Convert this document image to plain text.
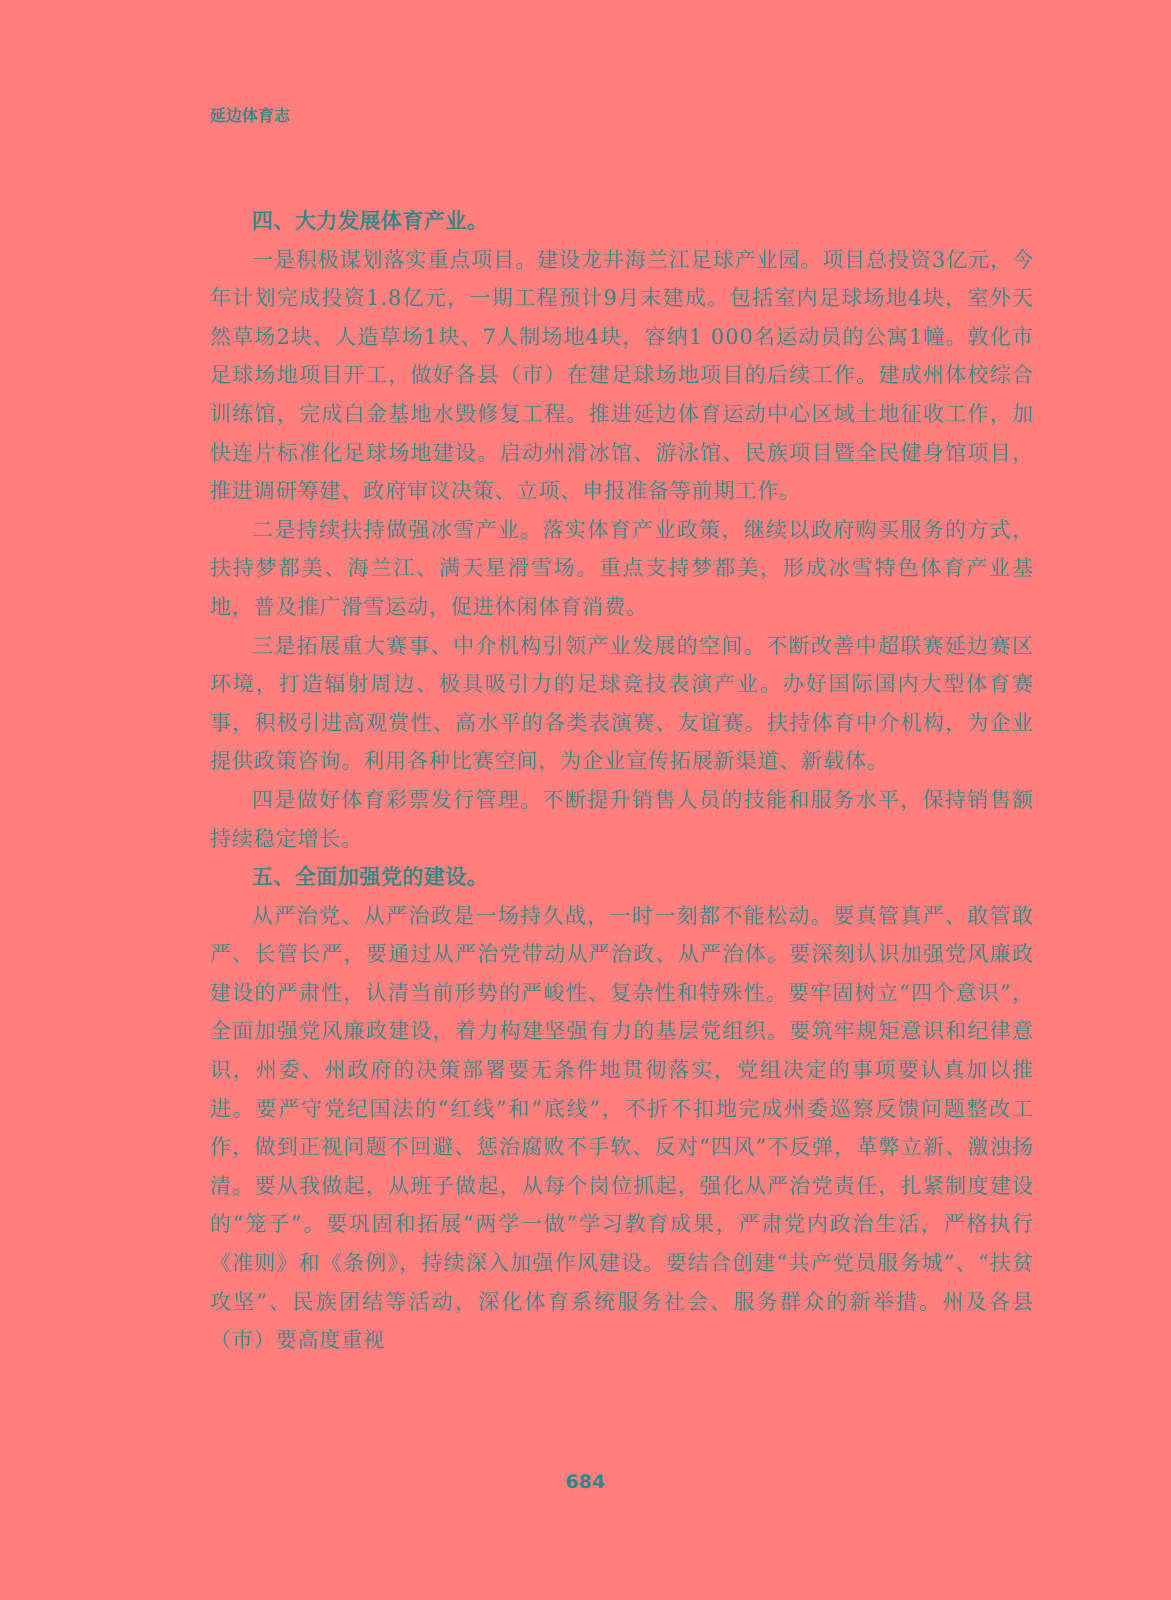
延边体育志

四、大力发展体育产业。

一是积极谋划落实重点项目。建设龙井海兰江足球产业园。项目总投资3亿元，今年计划完成投资1.8亿元，一期工程预计9月末建成。包括室内足球场地4块，室外天然草场2块、人造草场1块、7人制场地4块，容纳1 000名运动员的公寓1幢。敦化市足球场地项目开工，做好各县（市）在建足球场地项目的后续工作。建成州体校综合训练馆，完成白金基地水毁修复工程。推进延边体育运动中心区域土地征收工作，加快连片标准化足球场地建设。启动州滑冰馆、游泳馆、民族项目暨全民健身馆项目，推进调研筹建、政府审议决策、立项、申报准备等前期工作。

二是持续扶持做强冰雪产业。落实体育产业政策，继续以政府购买服务的方式，扶持梦都美、海兰江、满天星滑雪场。重点支持梦都美，形成冰雪特色体育产业基地，普及推广滑雪运动，促进休闲体育消费。

三是拓展重大赛事、中介机构引领产业发展的空间。不断改善中超联赛延边赛区环境，打造辐射周边、极具吸引力的足球竞技表演产业。办好国际国内大型体育赛事，积极引进高观赏性、高水平的各类表演赛、友谊赛。扶持体育中介机构，为企业提供政策咨询。利用各种比赛空间，为企业宣传拓展新渠道、新载体。

四是做好体育彩票发行管理。不断提升销售人员的技能和服务水平，保持销售额持续稳定增长。

五、全面加强党的建设。

从严治党、从严治政是一场持久战，一时一刻都不能松动。要真管真严、敢管敢严、长管长严，要通过从严治党带动从严治政、从严治体。要深刻认识加强党风廉政建设的严肃性，认清当前形势的严峻性、复杂性和特殊性。要牢固树立“四个意识”，全面加强党风廉政建设，着力构建坚强有力的基层党组织。要筑牢规矩意识和纪律意识，州委、州政府的决策部署要无条件地贯彻落实，党组决定的事项要认真加以推进。要严守党纪国法的“红线”和“底线”，不折不扣地完成州委巡察反馈问题整改工作，做到正视问题不回避、惩治腐败不手软、反对“四风”不反弹，革弊立新、激浊扬清。要从我做起，从班子做起，从每个岗位抓起，强化从严治党责任，扎紧制度建设的“笼子”。要巩固和拓展“两学一做”学习教育成果，严肃党内政治生活，严格执行《准则》和《条例》，持续深入加强作风建设。要结合创建“共产党员服务城”、“扶贫攻坚”、民族团结等活动，深化体育系统服务社会、服务群众的新举措。州及各县（市）要高度重视

684
